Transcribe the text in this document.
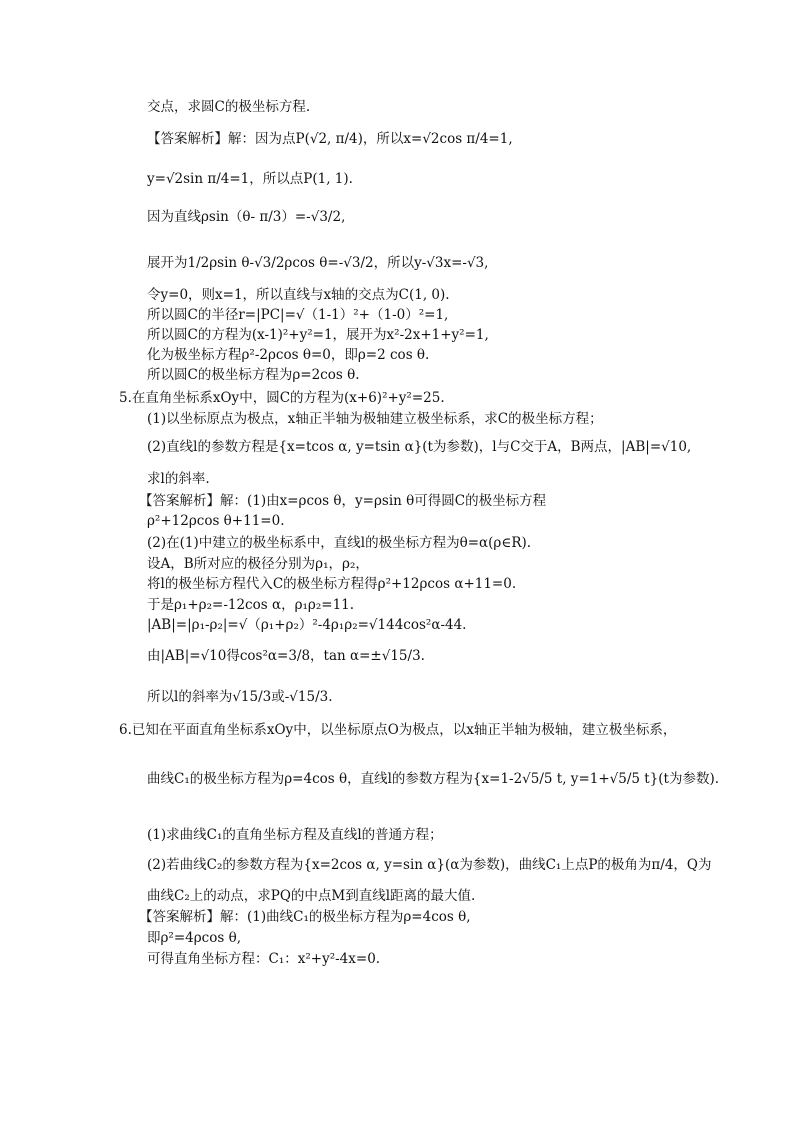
交点，求圆C的极坐标方程.
【答案解析】解：因为点P(√2, π/4)，所以x=√2cos π/4=1,
y=√2sin π/4=1，所以点P(1, 1).
因为直线ρsin（θ- π/3）=-√3/2,
展开为1/2ρsin θ-√3/2ρcos θ=-√3/2，所以y-√3x=-√3,
令y=0，则x=1，所以直线与x轴的交点为C(1, 0).
所以圆C的半径r=|PC|=√（1-1）²+（1-0）²=1,
所以圆C的方程为(x-1)²+y²=1，展开为x²-2x+1+y²=1,
化为极坐标方程ρ²-2ρcos θ=0，即ρ=2 cos θ.
所以圆C的极坐标方程为ρ=2cos θ.
5.在直角坐标系xOy中，圆C的方程为(x+6)²+y²=25.
(1)以坐标原点为极点，x轴正半轴为极轴建立极坐标系，求C的极坐标方程；
(2)直线l的参数方程是{x=tcos α, y=tsin α}(t为参数)，l与C交于A，B两点，|AB|=√10,
求l的斜率.
【答案解析】解：(1)由x=ρcos θ，y=ρsin θ可得圆C的极坐标方程
ρ²+12ρcos θ+11=0.
(2)在(1)中建立的极坐标系中，直线l的极坐标方程为θ=α(ρ∈R).
设A，B所对应的极径分别为ρ₁，ρ₂，
将l的极坐标方程代入C的极坐标方程得ρ²+12ρcos α+11=0.
于是ρ₁+ρ₂=-12cos α，ρ₁ρ₂=11.
|AB|=|ρ₁-ρ₂|=√（ρ₁+ρ₂）²-4ρ₁ρ₂=√144cos²α-44.
由|AB|=√10得cos²α=3/8，tan α=±√15/3.
所以l的斜率为√15/3或-√15/3.
6.已知在平面直角坐标系xOy中，以坐标原点O为极点，以x轴正半轴为极轴，建立极坐标系，
曲线C₁的极坐标方程为ρ=4cos θ，直线l的参数方程为{x=1-2√5/5 t, y=1+√5/5 t}(t为参数).
(1)求曲线C₁的直角坐标方程及直线l的普通方程；
(2)若曲线C₂的参数方程为{x=2cos α, y=sin α}(α为参数)，曲线C₁上点P的极角为π/4，Q为
曲线C₂上的动点，求PQ的中点M到直线l距离的最大值.
【答案解析】解：(1)曲线C₁的极坐标方程为ρ=4cos θ,
即ρ²=4ρcos θ,
可得直角坐标方程：C₁：x²+y²-4x=0.
